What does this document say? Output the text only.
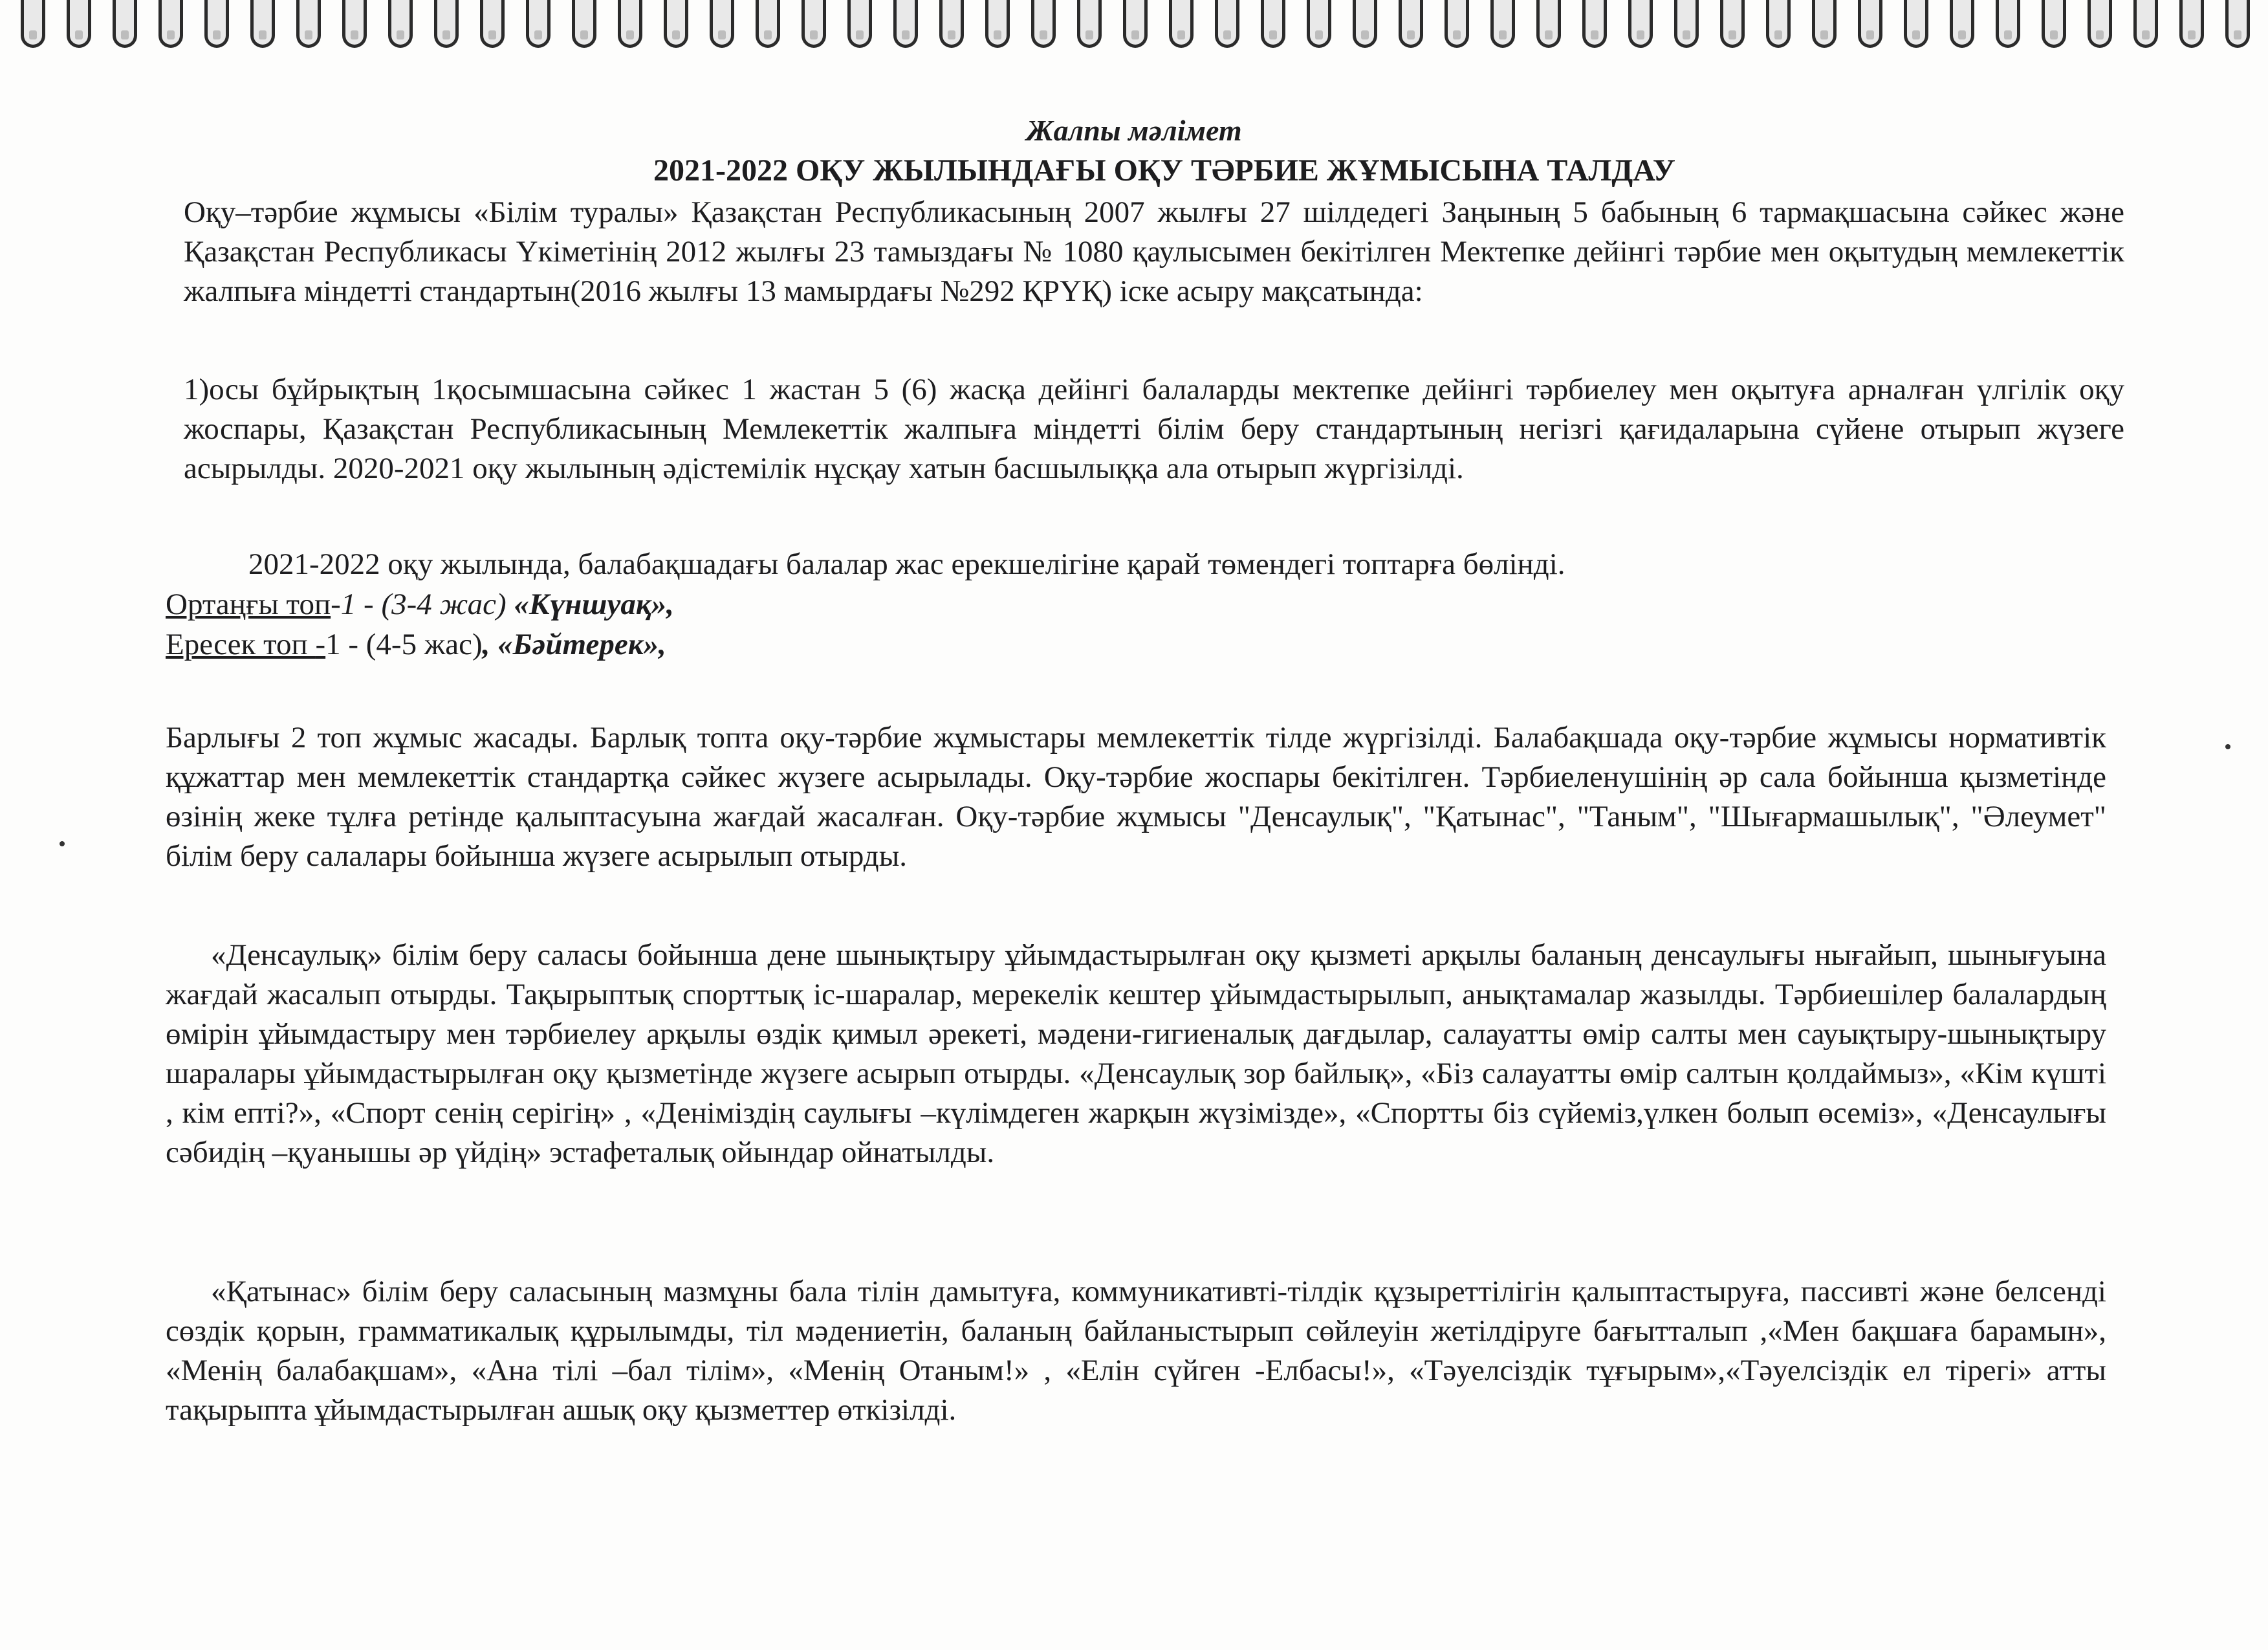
Жалпы мәлімет
2021-2022 ОҚУ ЖЫЛЫНДАҒЫ ОҚУ ТӘРБИЕ ЖҰМЫСЫНА ТАЛДАУ
Оқу–тәрбие жұмысы «Білім туралы» Қазақстан Республикасының 2007 жылғы 27 шілдедегі Заңының 5 бабының 6 тармақшасына сәйкес және Қазақстан Республикасы Үкіметінің 2012 жылғы 23 тамыздағы № 1080 қаулысымен бекітілген Мектепке дейінгі тәрбие мен оқытудың мемлекеттік жалпыға міндетті стандартын(2016 жылғы 13 мамырдағы №292 ҚРҮҚ) іске асыру мақсатында:
1)осы бұйрықтың 1қосымшасына сәйкес 1 жастан 5 (6) жасқа дейінгі балаларды мектепке дейінгі тәрбиелеу мен оқытуға арналған үлгілік оқу жоспары, Қазақстан Республикасының Мемлекеттік жалпыға міндетті білім беру стандартының негізгі қағидаларына сүйене отырып жүзеге асырылды. 2020-2021 оқу жылының әдістемілік нұсқау хатын басшылыққа ала отырып жүргізілді.
2021-2022 оқу жылында, балабақшадағы балалар жас ерекшелігіне қарай төмендегі топтарға бөлінді.
Ортаңғы топ-1 - (3-4 жас) «Күншуақ»,
Ересек топ -1 - (4-5 жас), «Бәйтерек»,
Барлығы 2 топ жұмыс жасады. Барлық топта оқу-тәрбие жұмыстары мемлекеттік тілде жүргізілді. Балабақшада оқу-тәрбие жұмысы нормативтік құжаттар мен мемлекеттік стандартқа сәйкес жүзеге асырылады. Оқу-тәрбие жоспары бекітілген. Тәрбиеленушінің әр сала бойынша қызметінде өзінің жеке тұлға ретінде қалыптасуына жағдай жасалған. Оқу-тәрбие жұмысы "Денсаулық", "Қатынас", "Таным", "Шығармашылық", "Әлеумет" білім беру салалары бойынша жүзеге асырылып отырды.
«Денсаулық» білім беру саласы бойынша дене шынықтыру ұйымдастырылған оқу қызметі арқылы баланың денсаулығы нығайып, шынығуына жағдай жасалып отырды. Тақырыптық спорттық іс-шаралар, мерекелік кештер ұйымдастырылып, анықтамалар жазылды. Тәрбиешілер балалардың өмірін ұйымдастыру мен тәрбиелеу арқылы өздік қимыл әрекеті, мәдени-гигиеналық дағдылар, салауатты өмір салты мен сауықтыру-шынықтыру шаралары ұйымдастырылған оқу қызметінде жүзеге асырып отырды. «Денсаулық зор байлық», «Біз салауатты өмір салтын қолдаймыз», «Кім күшті , кім епті?», «Спорт сенің серігің» , «Деніміздің саулығы –күлімдеген жарқын жүзімізде», «Спортты біз сүйеміз,үлкен болып өсеміз», «Денсаулығы сәбидің –қуанышы әр үйдің» эстафеталық ойындар ойнатылды.
«Қатынас» білім беру саласының мазмұны бала тілін дамытуға, коммуникативті-тілдік құзыреттілігін қалыптастыруға, пассивті және белсенді сөздік қорын, грамматикалық құрылымды, тіл мәдениетін, баланың байланыстырып сөйлеуін жетілдіруге бағытталып ,«Мен бақшаға барамын», «Менің балабақшам», «Ана тілі –бал тілім», «Менің Отаным!» , «Елін сүйген -Елбасы!», «Тәуелсіздік тұғырым»,«Тәуелсіздік ел тірегі» атты тақырыпта ұйымдастырылған ашық оқу қызметтер өткізілді.
